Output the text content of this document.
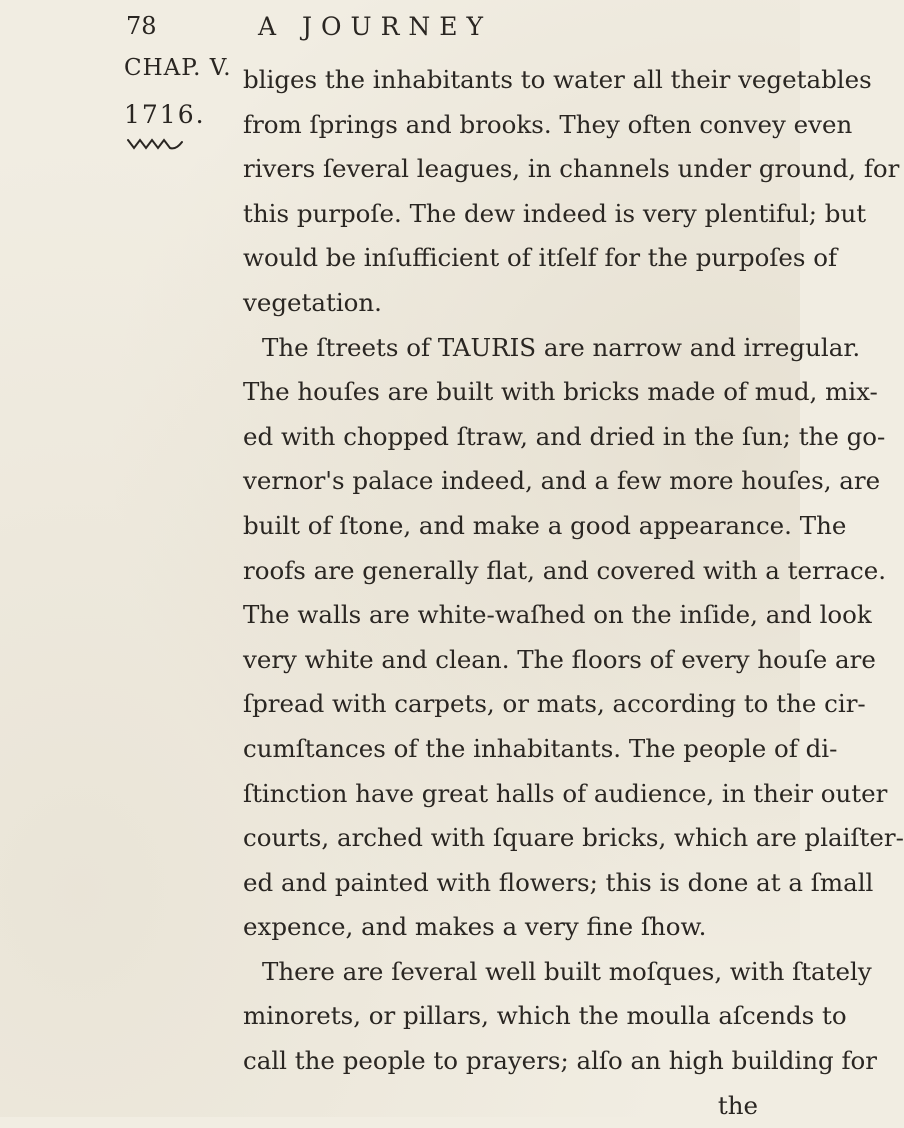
78	A JOURNEY
CHAP. V.
1716.
bliges the inhabitants to water all their vegetables
from ſprings and brooks. They often convey even
rivers ſeveral leagues, in channels under ground, for
this purpoſe. The dew indeed is very plentiful; but
would be inſufficient of itſelf for the purpoſes of
vegetation.
The ſtreets of TAURIS are narrow and irregular.
The houſes are built with bricks made of mud, mix-
ed with chopped ſtraw, and dried in the ſun; the go-
vernor's palace indeed, and a few more houſes, are
built of ſtone, and make a good appearance. The
roofs are generally flat, and covered with a terrace.
The walls are white-waſhed on the inſide, and look
very white and clean. The floors of every houſe are
ſpread with carpets, or mats, according to the cir-
cumſtances of the inhabitants. The people of di-
ſtinction have great halls of audience, in their outer
courts, arched with ſquare bricks, which are plaiſter-
ed and painted with flowers; this is done at a ſmall
expence, and makes a very fine ſhow.
There are ſeveral well built moſques, with ſtately
minorets, or pillars, which the moulla aſcends to
call the people to prayers; alſo an high building for
the
